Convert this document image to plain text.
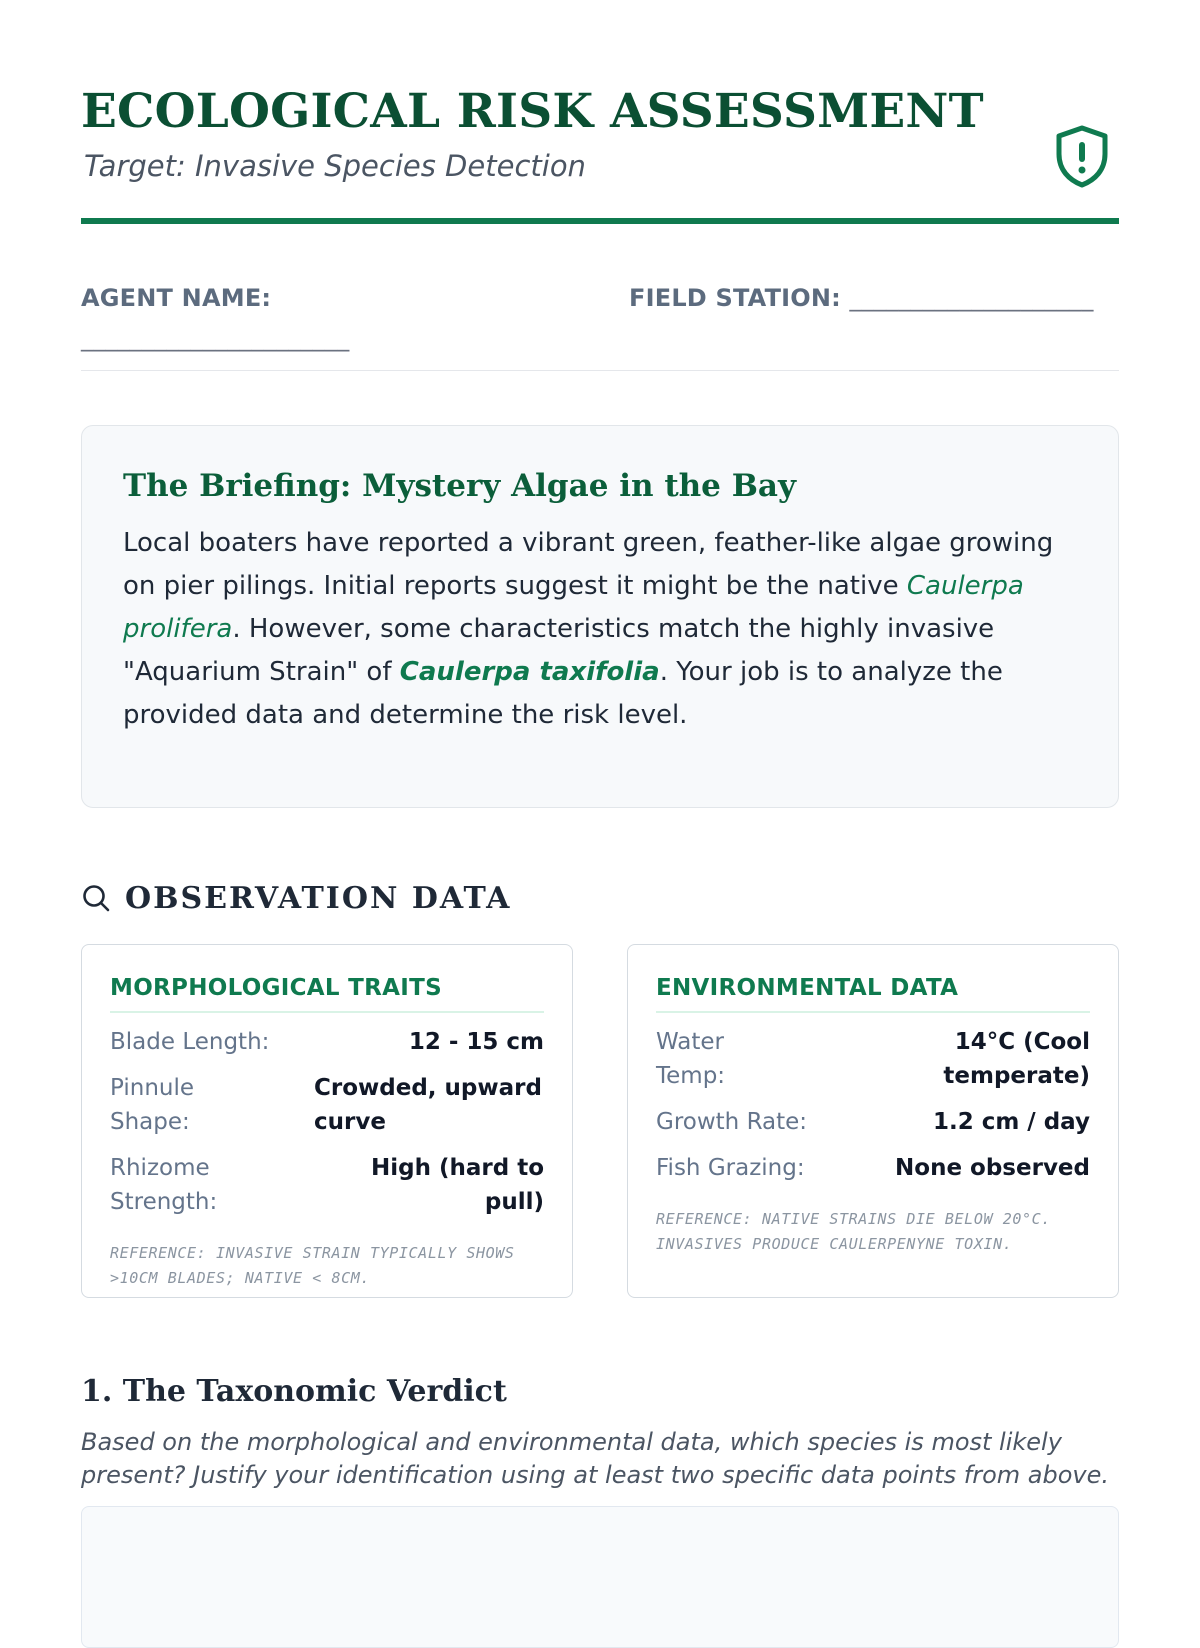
ECOLOGICAL RISK ASSESSMENT
Target: Invasive Species Detection
AGENT NAME:
______________________
FIELD STATION: ____________________
The Briefing: Mystery Algae in the Bay

Local boaters have reported a vibrant green, feather-like algae growing on pier pilings. Initial reports suggest it might be the native Caulerpa prolifera. However, some characteristics match the highly invasive "Aquarium Strain" of Caulerpa taxifolia. Your job is to analyze the provided data and determine the risk level.

OBSERVATION DATA
MORPHOLOGICAL TRAITS
Blade Length:	12 - 15 cm
Pinnule Shape:
Crowded, upward curve
Rhizome Strength:
High (hard to pull)
REFERENCE: INVASIVE STRAIN TYPICALLY SHOWS >10CM BLADES; NATIVE < 8CM.
ENVIRONMENTAL DATA
Water Temp:
14°C (Cool temperate)
Growth Rate:	1.2 cm / day
Fish Grazing:	None observed
REFERENCE: NATIVE STRAINS DIE BELOW 20°C. INVASIVES PRODUCE CAULERPENYNE TOXIN.
1. The Taxonomic Verdict
Based on the morphological and environmental data, which species is most likely present? Justify your identification using at least two specific data points from above.
